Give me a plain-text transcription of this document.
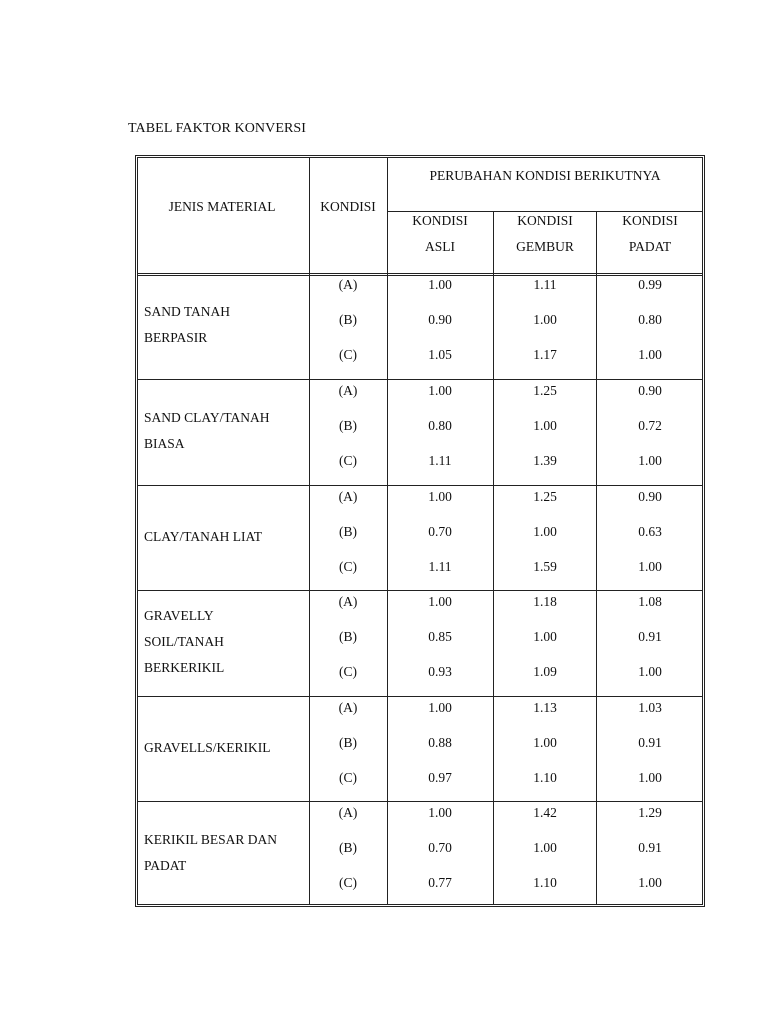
TABEL FAKTOR KONVERSI
JENIS MATERIAL	KONDISI
PERUBAHAN KONDISI BERIKUTNYA
KONDISI
ASLI
KONDISI
GEMBUR
KONDISI
PADAT
SAND TANAH
BERPASIR
(A)	1.00	1.11	0.99
(B)	0.90	1.00	0.80
(C)	1.05	1.17	1.00
SAND CLAY/TANAH
BIASA
(A)	1.00	1.25	0.90
(B)	0.80	1.00	0.72
(C)	1.11	1.39	1.00
CLAY/TANAH LIAT
(A)	1.00	1.25	0.90
(B)	0.70	1.00	0.63
(C)	1.11	1.59	1.00
GRAVELLY
SOIL/TANAH
BERKERIKIL
(A)	1.00	1.18	1.08
(B)	0.85	1.00	0.91
(C)	0.93	1.09	1.00
GRAVELLS/KERIKIL
(A)	1.00	1.13	1.03
(B)	0.88	1.00	0.91
(C)	0.97	1.10	1.00
KERIKIL BESAR DAN
PADAT
(A)	1.00	1.42	1.29
(B)	0.70	1.00	0.91
(C)	0.77	1.10	1.00
